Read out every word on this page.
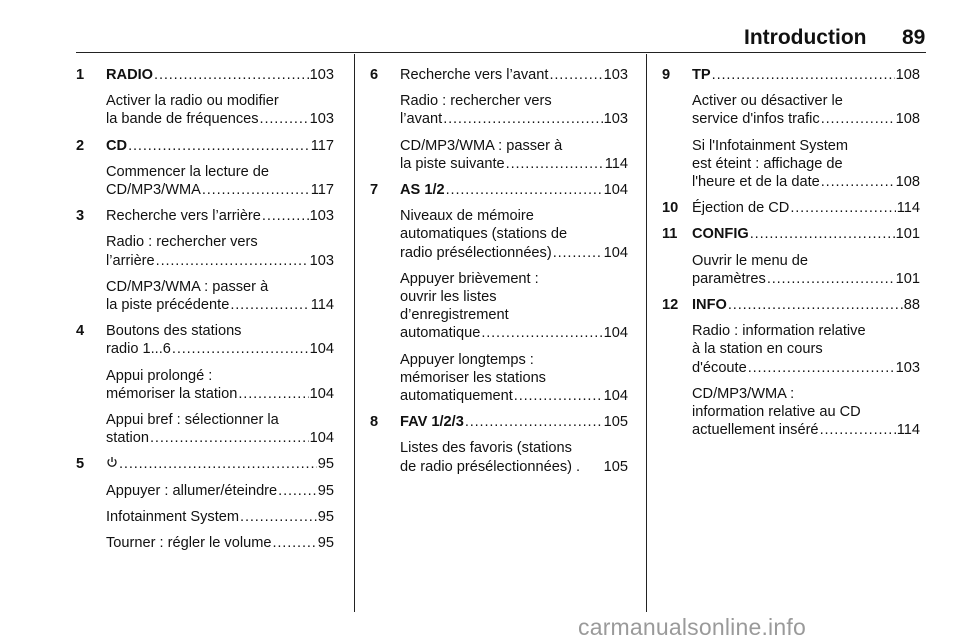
Introduction 89
1 RADIO . . .	103
Activer la radio ou modifier
la bande de fréquences . . .	103
2 CD . . .	117
Commencer la lecture de
CD/MP3/WMA . . .	117
3 Recherche vers l’arrière . . .	103
Radio : rechercher vers
l’arrière . . .	103
CD/MP3/WMA : passer à
la piste précédente . . .	114
4 Boutons des stations
radio 1...6 . . .	104
Appui prolongé :
mémoriser la station . . .	104
Appui bref : sélectionner la
station . . .	104
5 . . .	95
Appuyer : allumer/éteindre . . .	95
Infotainment System . . .	95
Tourner : régler le volume . . .	95
6 Recherche vers l’avant . . .	103
Radio : rechercher vers
l’avant . . .	103
CD/MP3/WMA : passer à
la piste suivante . . .	114
7 AS 1/2 . . .	104
Niveaux de mémoire
automatiques (stations de
radio présélectionnées) . . .	104
Appuyer brièvement :
ouvrir les listes
d’enregistrement
automatique . . .	104
Appuyer longtemps :
mémoriser les stations
automatiquement . . .	104
8 FAV 1/2/3 . . .	105
Listes des favoris (stations
de radio présélectionnées) . 105
9 TP . . .	108
Activer ou désactiver le
service d'infos trafic . . .	108
Si l'Infotainment System
est éteint : affichage de
l'heure et de la date . . .	108
10 Éjection de CD . . .	114
11 CONFIG . . .	101
Ouvrir le menu de
paramètres . . .	101
12 INFO . . .	88
Radio : information relative
à la station en cours
d'écoute . . .	103
CD/MP3/WMA :
information relative au CD
actuellement inséré . . .	114
carmanualsonline.info
